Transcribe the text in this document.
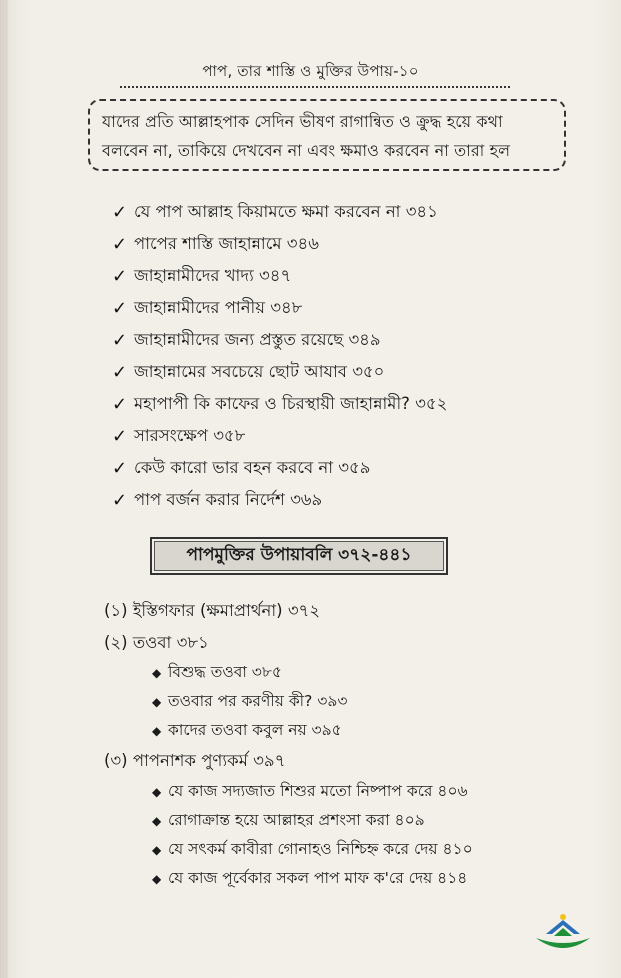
পাপ, তার শাস্তি ও মুক্তির উপায়-১০
যাদের প্রতি আল্লাহপাক সেদিন ভীষণ রাগান্বিত ও ক্রুদ্ধ হয়ে কথা
বলবেন না, তাকিয়ে দেখবেন না এবং ক্ষমাও করবেন না তারা হল
✓ যে পাপ আল্লাহ কিয়ামতে ক্ষমা করবেন না ৩৪১
✓ পাপের শাস্তি জাহান্নামে ৩৪৬
✓ জাহান্নামীদের খাদ্য ৩৪৭
✓ জাহান্নামীদের পানীয় ৩৪৮
✓ জাহান্নামীদের জন্য প্রস্তুত রয়েছে ৩৪৯
✓ জাহান্নামের সবচেয়ে ছোট আযাব ৩৫০
✓ মহাপাপী কি কাফের ও চিরস্থায়ী জাহান্নামী? ৩৫২
✓ সারসংক্ষেপ ৩৫৮
✓ কেউ কারো ভার বহন করবে না ৩৫৯
✓ পাপ বর্জন করার নির্দেশ ৩৬৯
পাপমুক্তির উপায়াবলি ৩৭২-৪৪১
(১) ইস্তিগফার (ক্ষমাপ্রার্থনা) ৩৭২
(২) তওবা ৩৮১
◆ বিশুদ্ধ তওবা ৩৮৫
◆ তওবার পর করণীয় কী? ৩৯৩
◆ কাদের তওবা কবুল নয় ৩৯৫
(৩) পাপনাশক পুণ্যকর্ম ৩৯৭
◆ যে কাজ সদ্যজাত শিশুর মতো নিষ্পাপ করে ৪০৬
◆ রোগাক্রান্ত হয়ে আল্লাহর প্রশংসা করা ৪০৯
◆ যে সৎকর্ম কাবীরা গোনাহও নিশ্চিহ্ন করে দেয় ৪১০
◆ যে কাজ পূর্বেকার সকল পাপ মাফ ক'রে দেয় ৪১৪
